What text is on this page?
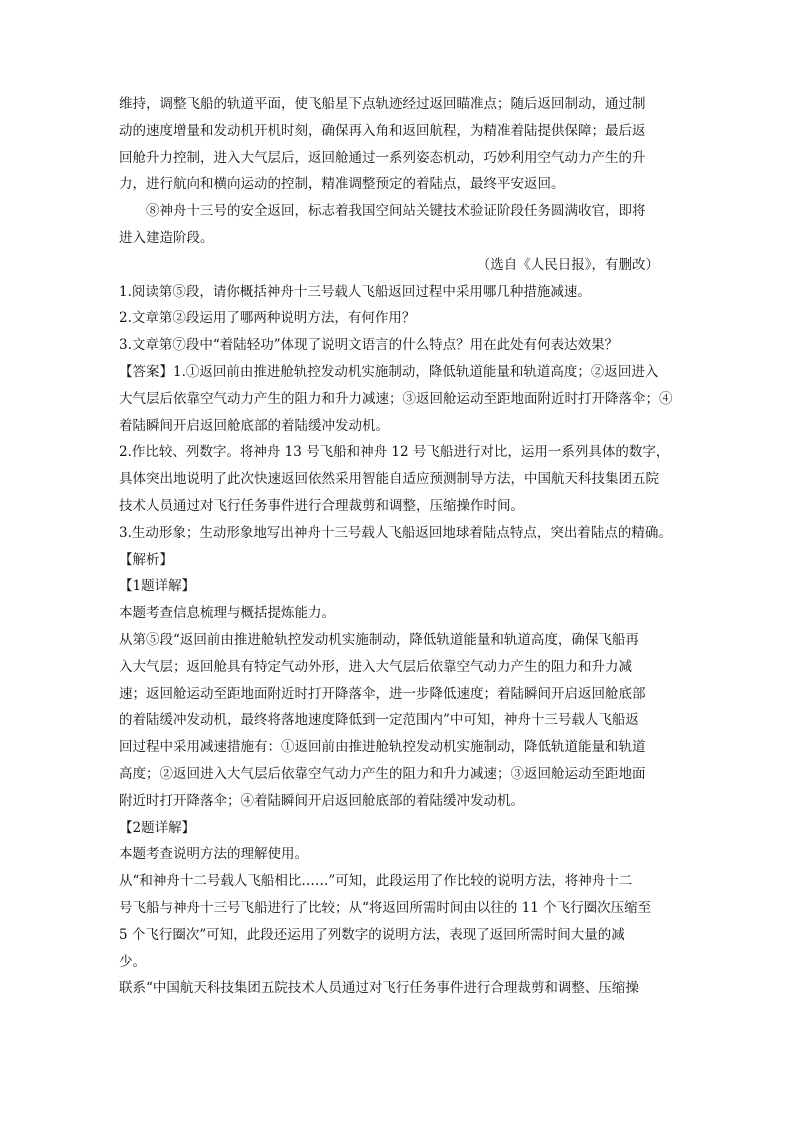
维持，调整飞船的轨道平面，使飞船星下点轨迹经过返回瞄准点；随后返回制动，通过制
动的速度增量和发动机开机时刻，确保再入角和返回航程，为精准着陆提供保障；最后返
回舱升力控制，进入大气层后，返回舱通过一系列姿态机动，巧妙利用空气动力产生的升
力，进行航向和横向运动的控制，精准调整预定的着陆点，最终平安返回。
⑧神舟十三号的安全返回，标志着我国空间站关键技术验证阶段任务圆满收官，即将
进入建造阶段。

（选自《人民日报》，有删改）

1.阅读第⑤段，请你概括神舟十三号载人飞船返回过程中采用哪几种措施减速。

2.文章第②段运用了哪两种说明方法，有何作用？

3.文章第⑦段中“着陆轻功”体现了说明文语言的什么特点？用在此处有何表达效果？

【答案】1.①返回前由推进舱轨控发动机实施制动，降低轨道能量和轨道高度；②返回进入
大气层后依靠空气动力产生的阻力和升力减速；③返回舱运动至距地面附近时打开降落伞；④
着陆瞬间开启返回舱底部的着陆缓冲发动机。
2.作比较、列数字。将神舟 13 号飞船和神舟 12 号飞船进行对比，运用一系列具体的数字，
具体突出地说明了此次快速返回依然采用智能自适应预测制导方法，中国航天科技集团五院
技术人员通过对飞行任务事件进行合理裁剪和调整，压缩操作时间。

3.生动形象；生动形象地写出神舟十三号载人飞船返回地球着陆点特点，突出着陆点的精确。

【解析】

【1题详解】

本题考查信息梳理与概括提炼能力。

从第⑤段“返回前由推进舱轨控发动机实施制动，降低轨道能量和轨道高度，确保飞船再
入大气层；返回舱具有特定气动外形，进入大气层后依靠空气动力产生的阻力和升力减
速；返回舱运动至距地面附近时打开降落伞，进一步降低速度；着陆瞬间开启返回舱底部
的着陆缓冲发动机，最终将落地速度降低到一定范围内”中可知，神舟十三号载人飞船返
回过程中采用减速措施有：①返回前由推进舱轨控发动机实施制动，降低轨道能量和轨道
高度；②返回进入大气层后依靠空气动力产生的阻力和升力减速；③返回舱运动至距地面
附近时打开降落伞；④着陆瞬间开启返回舱底部的着陆缓冲发动机。

【2题详解】

本题考查说明方法的理解使用。

从“和神舟十二号载人飞船相比……”可知，此段运用了作比较的说明方法，将神舟十二
号飞船与神舟十三号飞船进行了比较；从“将返回所需时间由以往的 11 个飞行圈次压缩至
5 个飞行圈次”可知，此段还运用了列数字的说明方法，表现了返回所需时间大量的减
少。

联系“中国航天科技集团五院技术人员通过对飞行任务事件进行合理裁剪和调整、压缩操
